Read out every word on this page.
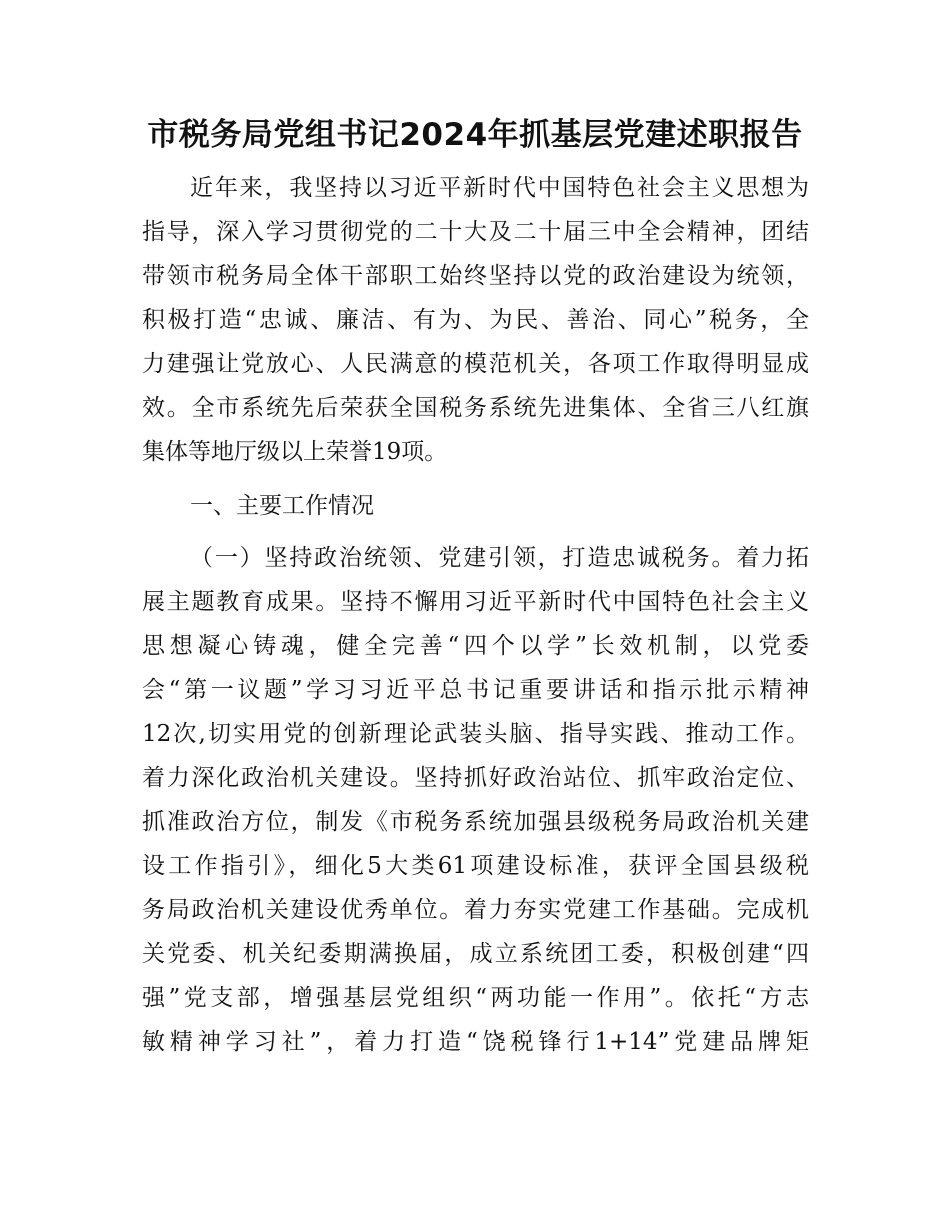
市税务局党组书记2024年抓基层党建述职报告
近年来，我坚持以习近平新时代中国特色社会主义思想为
指导，深入学习贯彻党的二十大及二十届三中全会精神，团结
带领市税务局全体干部职工始终坚持以党的政治建设为统领，
积极打造“忠诚、廉洁、有为、为民、善治、同心”税务，全
力建强让党放心、人民满意的模范机关，各项工作取得明显成
效。全市系统先后荣获全国税务系统先进集体、全省三八红旗
集体等地厅级以上荣誉19项。
一、主要工作情况
（一）坚持政治统领、党建引领，打造忠诚税务。着力拓
展主题教育成果。坚持不懈用习近平新时代中国特色社会主义
思想凝心铸魂，健全完善“四个以学”长效机制，以党委
会“第一议题”学习习近平总书记重要讲话和指示批示精神
12次,切实用党的创新理论武装头脑、指导实践、推动工作。
着力深化政治机关建设。坚持抓好政治站位、抓牢政治定位、
抓准政治方位，制发《市税务系统加强县级税务局政治机关建
设工作指引》，细化5大类61项建设标准，获评全国县级税
务局政治机关建设优秀单位。着力夯实党建工作基础。完成机
关党委、机关纪委期满换届，成立系统团工委，积极创建“四
强”党支部，增强基层党组织“两功能一作用”。依托“方志
敏精神学习社”，着力打造“饶税锋行1+14”党建品牌矩
